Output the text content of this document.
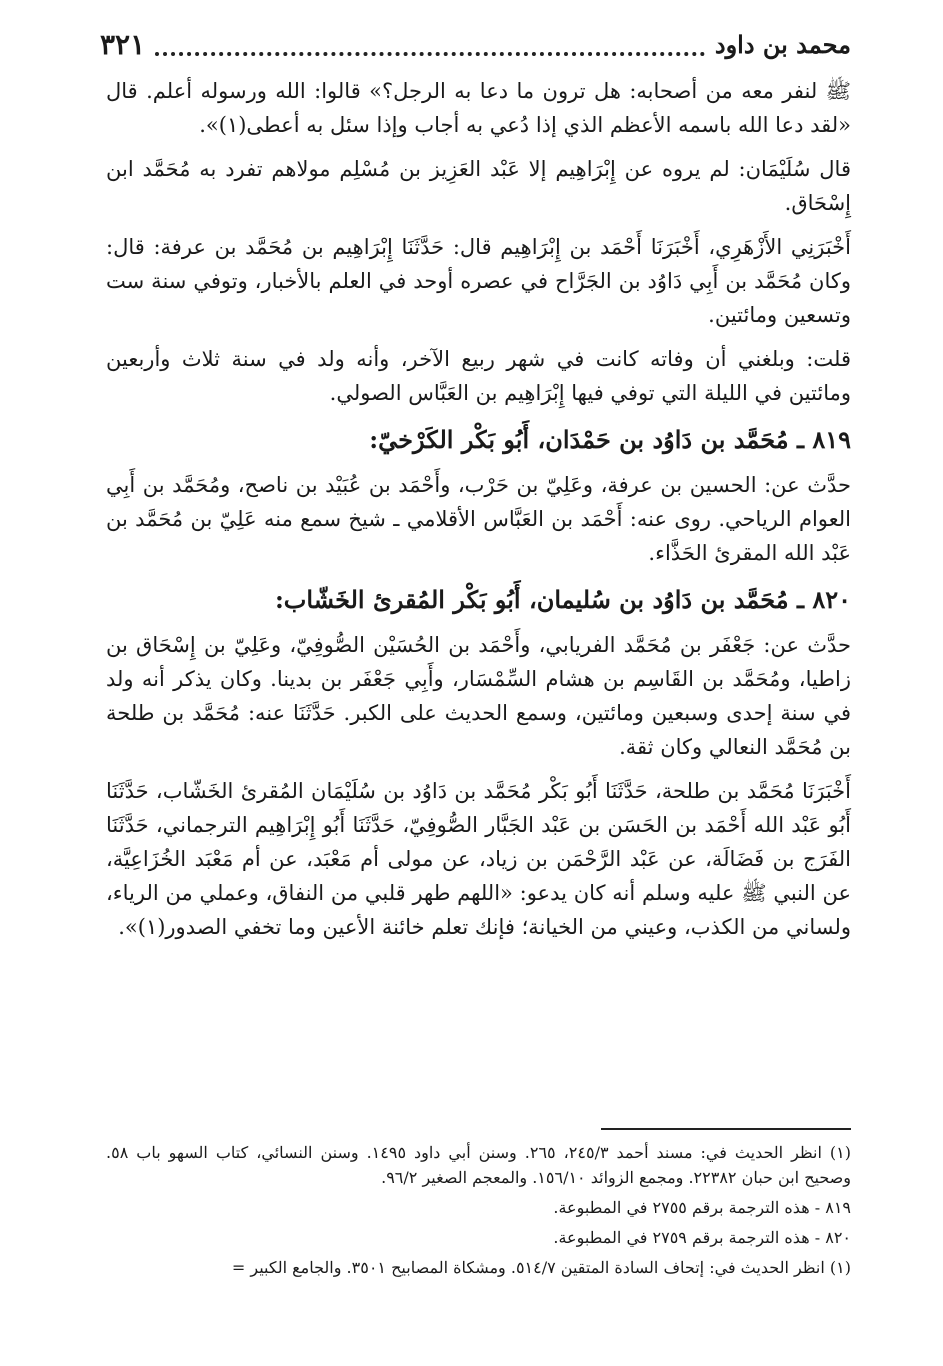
محمد بن داود
٣٢١

ﷺ لنفر معه من أصحابه: هل ترون ما دعا به الرجل؟» قالوا: الله ورسوله أعلم. قال «لقد دعا الله باسمه الأعظم الذي إذا دُعي به أجاب وإذا سئل به أعطى(١)».

قال سُلَيْمَان: لم يروه عن إِبْرَاهِيم إلا عَبْد العَزِيز بن مُسْلِم مولاهم تفرد به مُحَمَّد ابن إِسْحَاق.

أَخْبَرَنِي الأَزْهَرِي، أَخْبَرَنَا أَحْمَد بن إِبْرَاهِيم قال: حَدَّثَنَا إِبْرَاهِيم بن مُحَمَّد بن عرفة: قال: وكان مُحَمَّد بن أَبِي دَاوُد بن الجَرَّاح في عصره أوحد في العلم بالأخبار، وتوفي سنة ست وتسعين ومائتين.

قلت: وبلغني أن وفاته كانت في شهر ربيع الآخر، وأنه ولد في سنة ثلاث وأربعين ومائتين في الليلة التي توفي فيها إِبْرَاهِيم بن العَبَّاس الصولي.

٨١٩ ـ مُحَمَّد بن دَاوُد بن حَمْدَان، أَبُو بَكْر الكَرْخيّ:

حدَّث عن: الحسين بن عرفة، وعَلِيّ بن حَرْب، وأَحْمَد بن عُبَيْد بن ناصح، ومُحَمَّد بن أَبِي العوام الرياحي. روى عنه: أَحْمَد بن العَبَّاس الأقلامي ـ شيخ سمع منه عَلِيّ بن مُحَمَّد بن عَبْد الله المقرئ الحَذَّاء.

٨٢٠ ـ مُحَمَّد بن دَاوُد بن سُليمان، أَبُو بَكْر المُقرئ الخَشّاب:

حدَّث عن: جَعْفَر بن مُحَمَّد الفريابي، وأَحْمَد بن الحُسَيْن الصُّوفِيّ، وعَلِيّ بن إِسْحَاق بن زاطيا، ومُحَمَّد بن القَاسِم بن هشام السِّمْسَار، وأَبِي جَعْفَر بن بدينا. وكان يذكر أنه ولد في سنة إحدى وسبعين ومائتين، وسمع الحديث على الكبر. حَدَّثَنَا عنه: مُحَمَّد بن طلحة بن مُحَمَّد النعالي وكان ثقة.

أَخْبَرَنَا مُحَمَّد بن طلحة، حَدَّثَنَا أَبُو بَكْر مُحَمَّد بن دَاوُد بن سُلَيْمَان المُقرئ الخَشّاب، حَدَّثَنَا أَبُو عَبْد الله أَحْمَد بن الحَسَن بن عَبْد الجَبَّار الصُّوفِيّ، حَدَّثَنَا أَبُو إِبْرَاهِيم الترجماني، حَدَّثَنَا الفَرَج بن فَضَالَة، عن عَبْد الرَّحْمَن بن زياد، عن مولى أم مَعْبَد، عن أم مَعْبَد الخُزَاعِيَّة، عن النبي ﷺ عليه وسلم أنه كان يدعو: «اللهم طهر قلبي من النفاق، وعملي من الرياء، ولساني من الكذب، وعيني من الخيانة؛ فإنك تعلم خائنة الأعين وما تخفي الصدور(١)».

(١) انظر الحديث في: مسند أحمد ٢٤٥/٣، ٢٦٥. وسنن أبي داود ١٤٩٥. وسنن النسائي، كتاب السهو باب ٥٨. وصحيح ابن حبان ٢٢٣٨٢. ومجمع الزوائد ١٥٦/١٠. والمعجم الصغير ٩٦/٢.

٨١٩ - هذه الترجمة برقم ٢٧٥٥ في المطبوعة.

٨٢٠ - هذه الترجمة برقم ٢٧٥٩ في المطبوعة.

(١) انظر الحديث في: إتحاف السادة المتقين ٥١٤/٧. ومشكاة المصابيح ٣٥٠١. والجامع الكبير =
